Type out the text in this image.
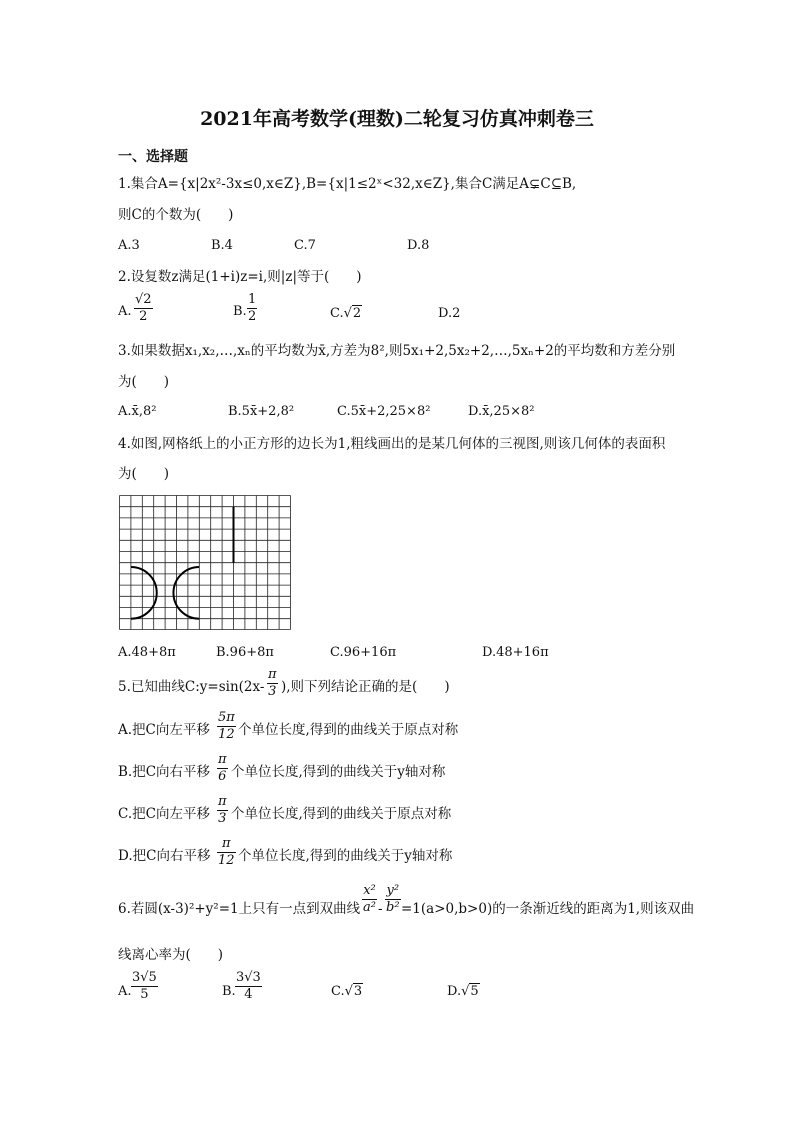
2021年高考数学(理数)二轮复习仿真冲刺卷三
一、选择题
1.集合A={x|2x²-3x≤0,x∈Z},B={x|1≤2ˣ<32,x∈Z},集合C满足A⊊C⊆B,
则C的个数为(　　)
A.3	B.4	C.7	D.8
2.设复数z满足(1+i)z=i,则|z|等于(　　)
A. $\frac{√2}{2}$	B. $\frac{1}{2}$	C.√2	D.2
3.如果数据x₁,x₂,…,xₙ的平均数为x̄,方差为8²,则5x₁+2,5x₂+2,…,5xₙ+2的平均数和方差分别
为(　　)
A.x̄,8²	B.5x̄+2,8²	C.5x̄+2,25×8²	D.x̄,25×8²
4.如图,网格纸上的小正方形的边长为1,粗线画出的是某几何体的三视图,则该几何体的表面积
为(　　)
A.48+8π	B.96+8π	C.96+16π	D.48+16π
5.已知曲线C:y=sin(2x- $\frac{\pi}{3}$ ),则下列结论正确的是(　　)
A.把C向左平移 $\frac{5\pi}{12}$ 个单位长度,得到的曲线关于原点对称
B.把C向右平移 $\frac{\pi}{6}$ 个单位长度,得到的曲线关于y轴对称
C.把C向左平移 $\frac{\pi}{3}$ 个单位长度,得到的曲线关于原点对称
D.把C向右平移 $\frac{\pi}{12}$ 个单位长度,得到的曲线关于y轴对称
6.若圆(x-3)²+y²=1上只有一点到双曲线 $\frac{\text{x²}}{\text{a²}} - \frac{\text{y²}}{\text{b²}} =1(a>0,b>0)$的一条渐近线的距离为1,则该双曲
线离心率为(　　)
A. $\frac{3√5}{5}$	B. $\frac{3√3}{4}$	C.√3	D.√5
